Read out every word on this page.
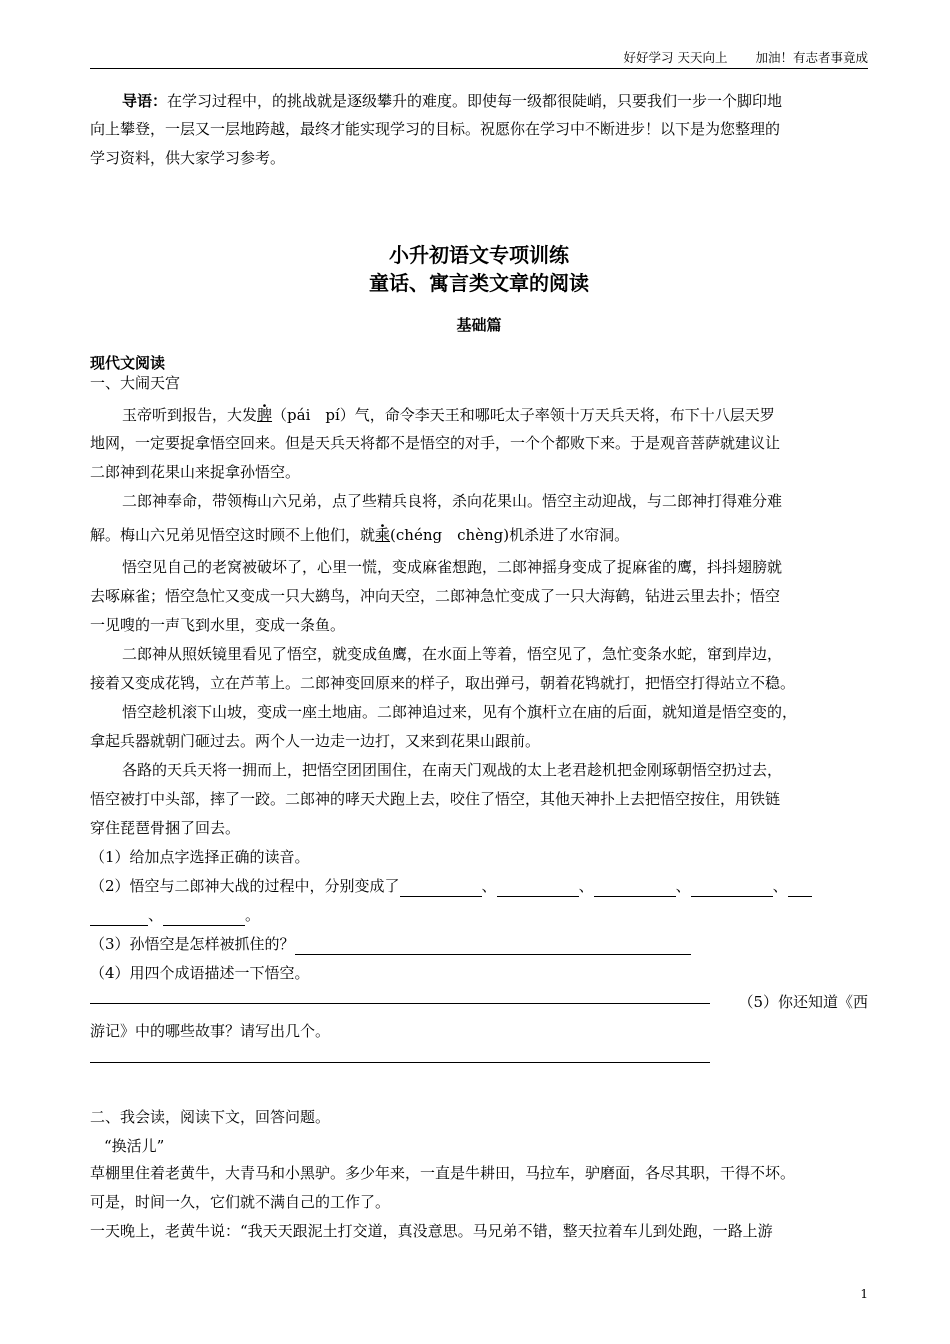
好好学习 天天向上 加油！有志者事竟成
导语：在学习过程中，的挑战就是逐级攀升的难度。即使每一级都很陡峭，只要我们一步一个脚印地
向上攀登，一层又一层地跨越，最终才能实现学习的目标。祝愿你在学习中不断进步！以下是为您整理的
学习资料，供大家学习参考。
小升初语文专项训练
童话、寓言类文章的阅读
基础篇
现代文阅读
一、大闹天宫
玉帝听到报告，大发脾（pái　pí）气，命令李天王和哪吒太子率领十万天兵天将，布下十八层天罗
地网，一定要捉拿悟空回来。但是天兵天将都不是悟空的对手，一个个都败下来。于是观音菩萨就建议让
二郎神到花果山来捉拿孙悟空。
二郎神奉命，带领梅山六兄弟，点了些精兵良将，杀向花果山。悟空主动迎战，与二郎神打得难分难
解。梅山六兄弟见悟空这时顾不上他们，就乘(chéng　chèng)机杀进了水帘洞。
悟空见自己的老窝被破坏了，心里一慌，变成麻雀想跑，二郎神摇身变成了捉麻雀的鹰，抖抖翅膀就
去啄麻雀；悟空急忙又变成一只大鹚鸟，冲向天空，二郎神急忙变成了一只大海鹤，钻进云里去扑；悟空
一见嗖的一声飞到水里，变成一条鱼。
二郎神从照妖镜里看见了悟空，就变成鱼鹰，在水面上等着，悟空见了，急忙变条水蛇，窜到岸边，
接着又变成花鸨，立在芦苇上。二郎神变回原来的样子，取出弹弓，朝着花鸨就打，把悟空打得站立不稳。
悟空趁机滚下山坡，变成一座土地庙。二郎神追过来，见有个旗杆立在庙的后面，就知道是悟空变的，
拿起兵器就朝门砸过去。两个人一边走一边打，又来到花果山跟前。
各路的天兵天将一拥而上，把悟空团团围住，在南天门观战的太上老君趁机把金刚琢朝悟空扔过去，
悟空被打中头部，摔了一跤。二郎神的哮天犬跑上去，咬住了悟空，其他天神扑上去把悟空按住，用铁链
穿住琵琶骨捆了回去。
（1）给加点字选择正确的读音。
（2）悟空与二郎神大战的过程中，分别变成了	、	、	、	、
、	。
（3）孙悟空是怎样被抓住的？
（4）用四个成语描述一下悟空。
（5）你还知道《西
游记》中的哪些故事？请写出几个。
二、我会读，阅读下文，回答问题。
“换活儿”
草棚里住着老黄牛，大青马和小黑驴。多少年来，一直是牛耕田，马拉车，驴磨面，各尽其职，干得不坏。
可是，时间一久，它们就不满自己的工作了。
一天晚上，老黄牛说：“我天天跟泥土打交道，真没意思。马兄弟不错，整天拉着车儿到处跑，一路上游
1
